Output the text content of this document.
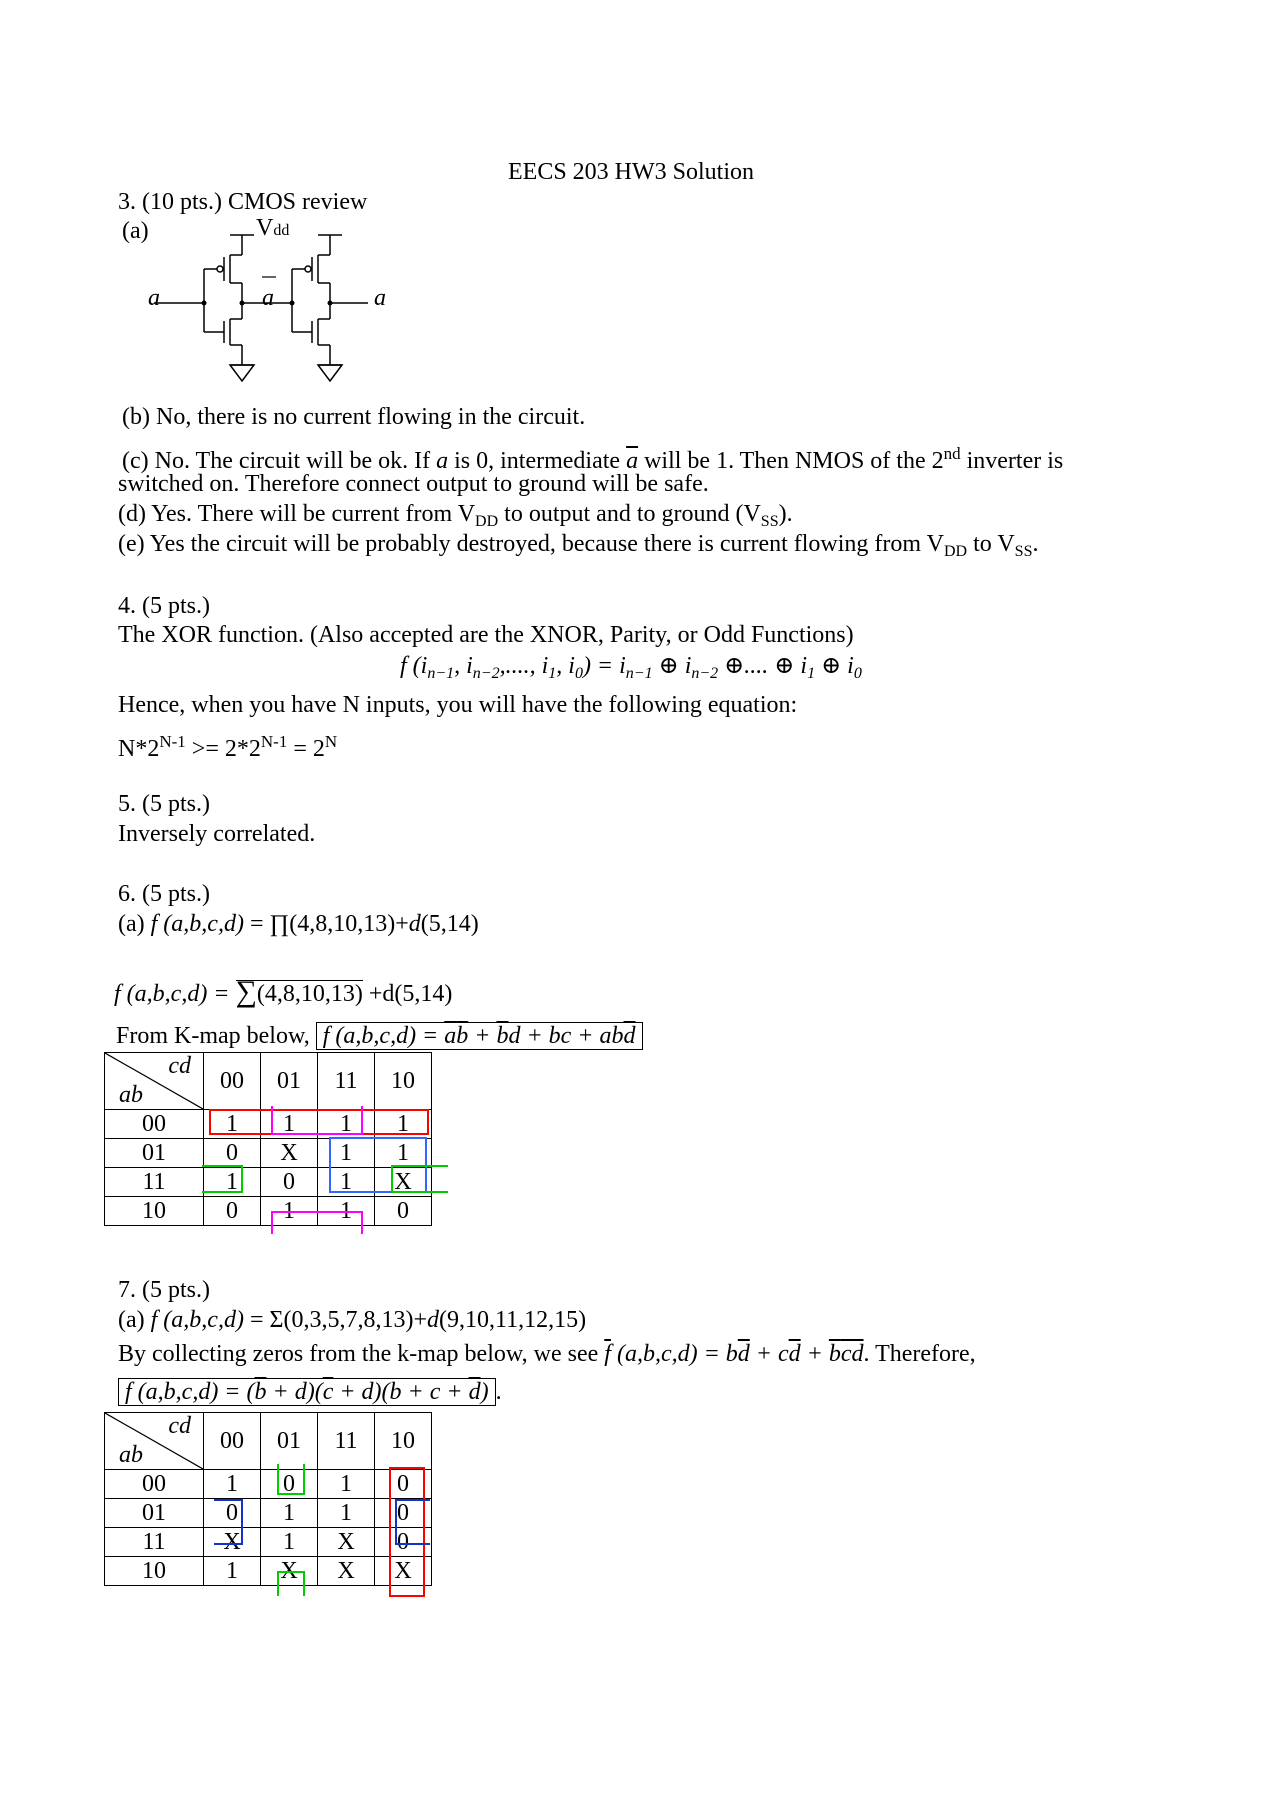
EECS 203 HW3 Solution
3. (10 pts.) CMOS review
(a)	Vdd
a	a	a
(b) No, there is no current flowing in the circuit.
(c) No. The circuit will be ok. If a is 0, intermediate $\overline{a}$ will be 1. Then NMOS of the 2nd inverter is
switched on. Therefore connect output to ground will be safe.
(d) Yes. There will be current from $V_{DD}$ to output and to ground $(V_{SS})$.
(e) Yes the circuit will be probably destroyed, because there is current flowing from $V_{DD}$ to $V_{SS}$.
4. (5 pts.)
The XOR function. (Also accepted are the XNOR, Parity, or Odd Functions)
f ($i_{n-1}$, $i_{n-2}$,...., $i_1$, $i_0) = i_{n-1}$ ⊕ $i_{n-2}$ ⊕.... ⊕ $i_1$ ⊕ $i_0$
Hence, when you have N inputs, you will have the following equation:
$N*2^{N-1} >= 2*2^{N-1} = 2^N$
5. (5 pts.)
Inversely correlated.
6. (5 pts.)
(a) f (a,b,c,d) = ∏(4,8,10,13)+d(5,14)
f (a,b,c,d) = ∑(4,8,10,13) +d(5,14)
From K-map below, f $(a,b,c,d) = \overline{a}\overline{b} + \overline{b}d$ + bc + $ab\overline{d}$
cd
ab	00	01	11	10
00	1	1	1	1
01	0	X	1	1
11	1	0	1	X
10	0	1	1	0
7. (5 pts.)
(a) f (a,b,c,d) = Σ(0,3,5,7,8,13)+d(9,10,11,12,15)
By collecting zeros from the k-map below, we see $\overline{f}$ $(a,b,c,d) = b\overline{d} + c\overline{d} + \overline{b}\overline{c}\overline{d}$. Therefore,
f $(a,b,c,d) = (\overline{b} + d)(\overline{c} + d)(b + c + \overline{d})$ .
cd
ab	00	01	11	10
00	1	0	1	0
01	0	1	1	0
11	X	1	X	0
10	1	X	X	X
